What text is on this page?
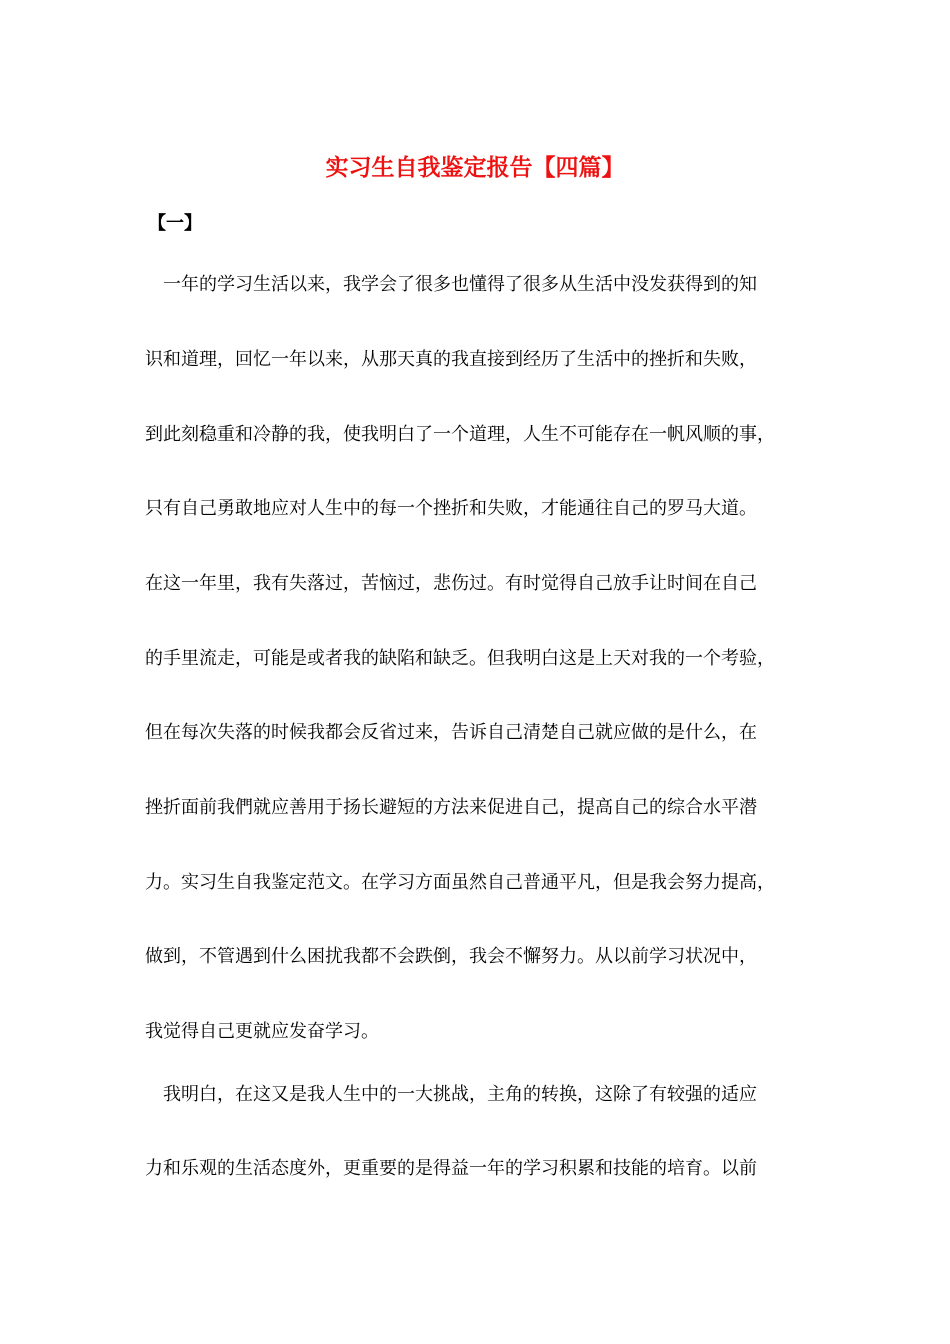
实习生自我鉴定报告【四篇】
【一】

一年的学习生活以来，我学会了很多也懂得了很多从生活中没发获得到的知

识和道理，回忆一年以来，从那天真的我直接到经历了生活中的挫折和失败，

到此刻稳重和冷静的我，使我明白了一个道理，人生不可能存在一帆风顺的事，

只有自己勇敢地应对人生中的每一个挫折和失败，才能通往自己的罗马大道。

在这一年里，我有失落过，苦恼过，悲伤过。有时觉得自己放手让时间在自己

的手里流走，可能是或者我的缺陷和缺乏。但我明白这是上天对我的一个考验，

但在每次失落的时候我都会反省过来，告诉自己清楚自己就应做的是什么，在

挫折面前我們就应善用于扬长避短的方法来促进自己，提高自己的综合水平潜

力。实习生自我鉴定范文。在学习方面虽然自己普通平凡，但是我会努力提高，

做到，不管遇到什么困扰我都不会跌倒，我会不懈努力。从以前学习状况中，

我觉得自己更就应发奋学习。

我明白，在这又是我人生中的一大挑战，主角的转换，这除了有较强的适应

力和乐观的生活态度外，更重要的是得益一年的学习积累和技能的培育。以前
